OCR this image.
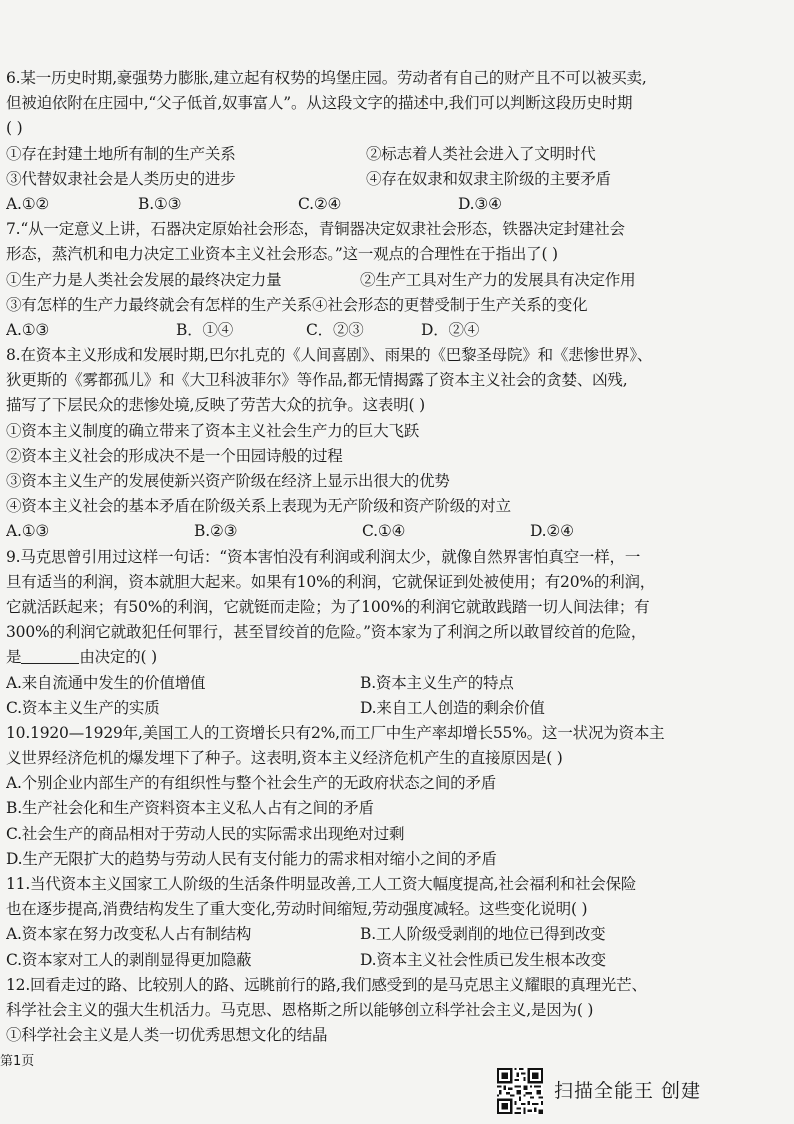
6.某一历史时期,豪强势力膨胀,建立起有权势的坞堡庄园。劳动者有自己的财产且不可以被买卖,
但被迫依附在庄园中,“父子低首,奴事富人”。从这段文字的描述中,我们可以判断这段历史时期
( )
①存在封建土地所有制的生产关系	②标志着人类社会进入了文明时代
③代替奴隶社会是人类历史的进步	④存在奴隶和奴隶主阶级的主要矛盾
A.①②	B.①③	C.②④	D.③④
7.“从一定意义上讲，石器决定原始社会形态，青铜器决定奴隶社会形态，铁器决定封建社会
形态，蒸汽机和电力决定工业资本主义社会形态。”这一观点的合理性在于指出了( )
①生产力是人类社会发展的最终决定力量	②生产工具对生产力的发展具有决定作用
③有怎样的生产力最终就会有怎样的生产关系 ④社会形态的更替受制于生产关系的变化
A.①③	B．①④	C．②③	D．②④
8.在资本主义形成和发展时期,巴尔扎克的《人间喜剧》、雨果的《巴黎圣母院》和《悲惨世界》、
狄更斯的《雾都孤儿》和《大卫科波菲尔》等作品,都无情揭露了资本主义社会的贪婪、凶残,
描写了下层民众的悲惨处境,反映了劳苦大众的抗争。这表明( )
①资本主义制度的确立带来了资本主义社会生产力的巨大飞跃
②资本主义社会的形成决不是一个田园诗般的过程
③资本主义生产的发展使新兴资产阶级在经济上显示出很大的优势
④资本主义社会的基本矛盾在阶级关系上表现为无产阶级和资产阶级的对立
A.①③	B.②③	C.①④	D.②④
9.马克思曾引用过这样一句话：“资本害怕没有利润或利润太少，就像自然界害怕真空一样，一
旦有适当的利润，资本就胆大起来。如果有10%的利润，它就保证到处被使用；有20%的利润，
它就活跃起来；有50%的利润，它就铤而走险；为了100%的利润它就敢践踏一切人间法律；有
300%的利润它就敢犯任何罪行，甚至冒绞首的危险。”资本家为了利润之所以敢冒绞首的危险，
是	由决定的( )
A.来自流通中发生的价值增值	B.资本主义生产的特点
C.资本主义生产的实质	D.来自工人创造的剩余价值
10.1920—1929年,美国工人的工资增长只有2%,而工厂中生产率却增长55%。这一状况为资本主
义世界经济危机的爆发埋下了种子。这表明,资本主义经济危机产生的直接原因是( )
A.个别企业内部生产的有组织性与整个社会生产的无政府状态之间的矛盾
B.生产社会化和生产资料资本主义私人占有之间的矛盾
C.社会生产的商品相对于劳动人民的实际需求出现绝对过剩
D.生产无限扩大的趋势与劳动人民有支付能力的需求相对缩小之间的矛盾
11.当代资本主义国家工人阶级的生活条件明显改善,工人工资大幅度提高,社会福利和社会保险
也在逐步提高,消费结构发生了重大变化,劳动时间缩短,劳动强度减轻。这些变化说明( )
A.资本家在努力改变私人占有制结构	B.工人阶级受剥削的地位已得到改变
C.资本家对工人的剥削显得更加隐蔽	D.资本主义社会性质已发生根本改变
12.回看走过的路、比较别人的路、远眺前行的路,我们感受到的是马克思主义耀眼的真理光芒、
科学社会主义的强大生机活力。马克思、恩格斯之所以能够创立科学社会主义,是因为( )
①科学社会主义是人类一切优秀思想文化的结晶
第1页
扫描全能王 创建
